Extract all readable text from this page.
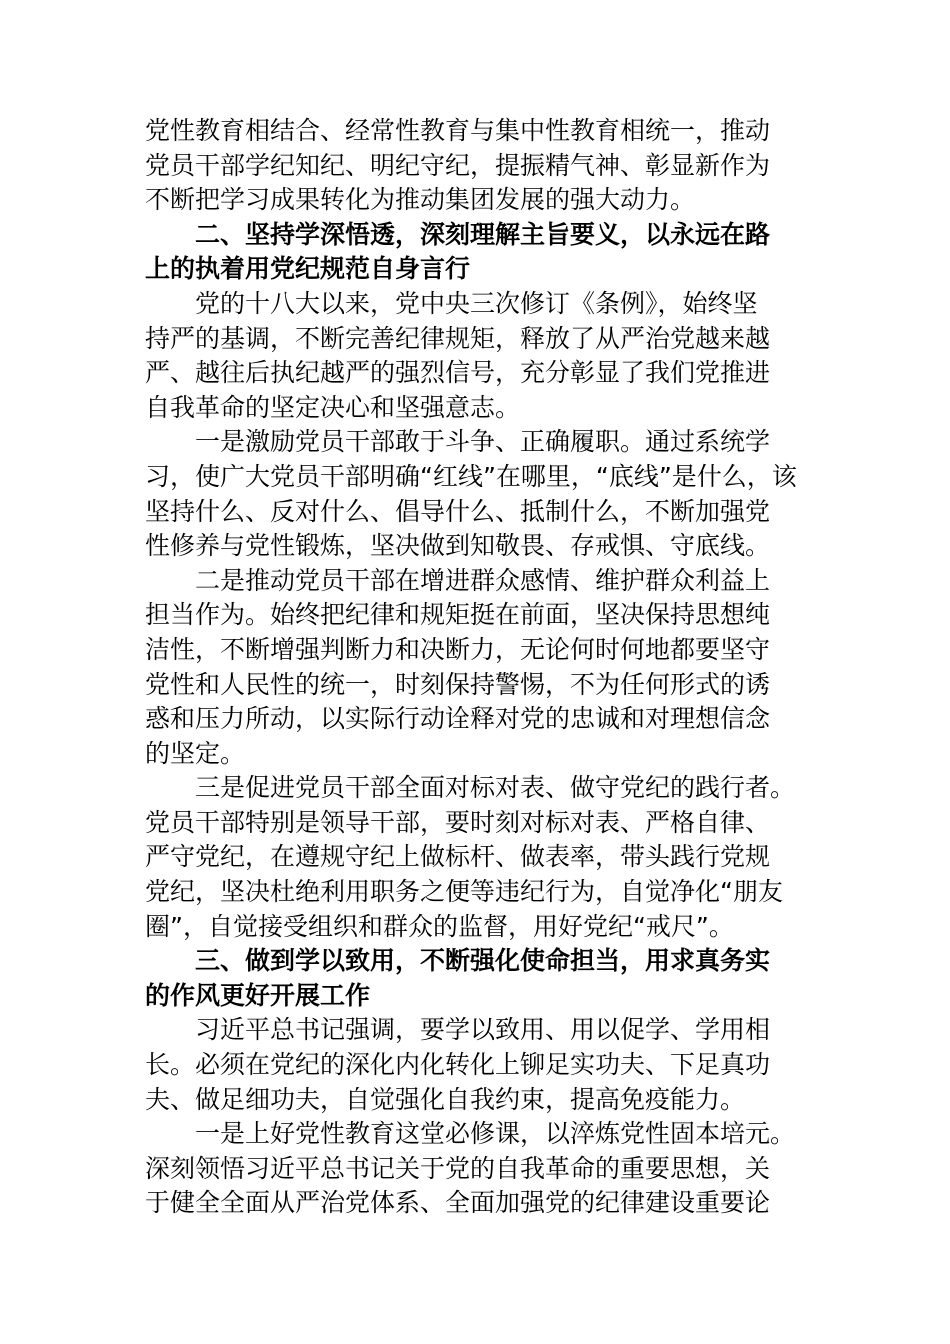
党性教育相结合、经常性教育与集中性教育相统一，推动
党员干部学纪知纪、明纪守纪，提振精气神、彰显新作为
不断把学习成果转化为推动集团发展的强大动力。
二、坚持学深悟透，深刻理解主旨要义，以永远在路
上的执着用党纪规范自身言行
党的十八大以来，党中央三次修订《条例》，始终坚
持严的基调，不断完善纪律规矩，释放了从严治党越来越
严、越往后执纪越严的强烈信号，充分彰显了我们党推进
自我革命的坚定决心和坚强意志。
一是激励党员干部敢于斗争、正确履职。通过系统学
习，使广大党员干部明确“红线”在哪里，“底线”是什么，该
坚持什么、反对什么、倡导什么、抵制什么，不断加强党
性修养与党性锻炼，坚决做到知敬畏、存戒惧、守底线。
二是推动党员干部在增进群众感情、维护群众利益上
担当作为。始终把纪律和规矩挺在前面，坚决保持思想纯
洁性，不断增强判断力和决断力，无论何时何地都要坚守
党性和人民性的统一，时刻保持警惕，不为任何形式的诱
惑和压力所动，以实际行动诠释对党的忠诚和对理想信念
的坚定。
三是促进党员干部全面对标对表、做守党纪的践行者。
党员干部特别是领导干部，要时刻对标对表、严格自律、
严守党纪，在遵规守纪上做标杆、做表率，带头践行党规
党纪，坚决杜绝利用职务之便等违纪行为，自觉净化“朋友
圈”，自觉接受组织和群众的监督，用好党纪“戒尺”。
三、做到学以致用，不断强化使命担当，用求真务实
的作风更好开展工作
习近平总书记强调，要学以致用、用以促学、学用相
长。必须在党纪的深化内化转化上铆足实功夫、下足真功
夫、做足细功夫，自觉强化自我约束，提高免疫能力。
一是上好党性教育这堂必修课，以淬炼党性固本培元。
深刻领悟习近平总书记关于党的自我革命的重要思想，关
于健全全面从严治党体系、全面加强党的纪律建设重要论
